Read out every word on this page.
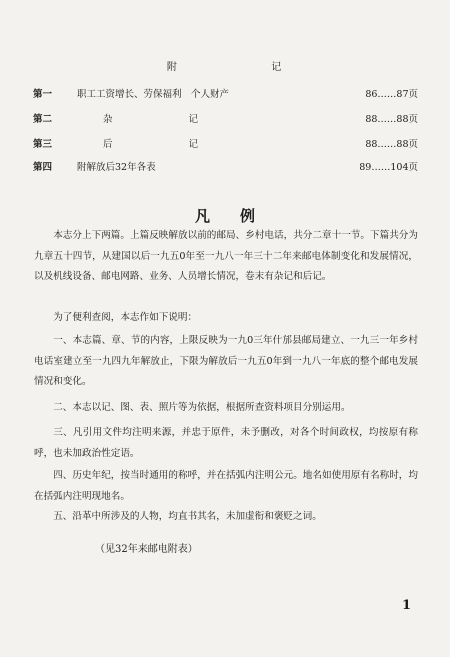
附	记
第一	职工工资增长、劳保福利　个人财产	86……87页
第二	杂　　　　　　　　记	88……88页
第三	后　　　　　　　　记	88……88页
第四	附解放后32年各表	89……104页
凡例

本志分上下两篇。上篇反映解放以前的邮局、乡村电话，共分二章十一节。下篇共分为九章五十四节，从建国以后一九五0年至一九八一年三十二年来邮电体制变化和发展情况，以及机线设备、邮电网路、业务、人员增长情况，卷末有杂记和后记。

为了便利查阅，本志作如下说明：

一、本志篇、章、节的内容，上限反映为一九0三年什邡县邮局建立、一九三一年乡村电话室建立至一九四九年解放止，下限为解放后一九五0年到一九八一年底的整个邮电发展情况和变化。

二、本志以记、图、表、照片等为依据，根据所查资料项目分别运用。

三、凡引用文件均注明来源，并忠于原件，未予删改，对各个时间政权，均按原有称呼，也未加政治性定语。

四、历史年纪，按当时通用的称呼，并在括弧内注明公元。地名如使用原有名称时，均在括弧内注明现地名。

五、沿革中所涉及的人物，均直书其名，未加虚衔和褒贬之词。

（见32年来邮电附表）
1
